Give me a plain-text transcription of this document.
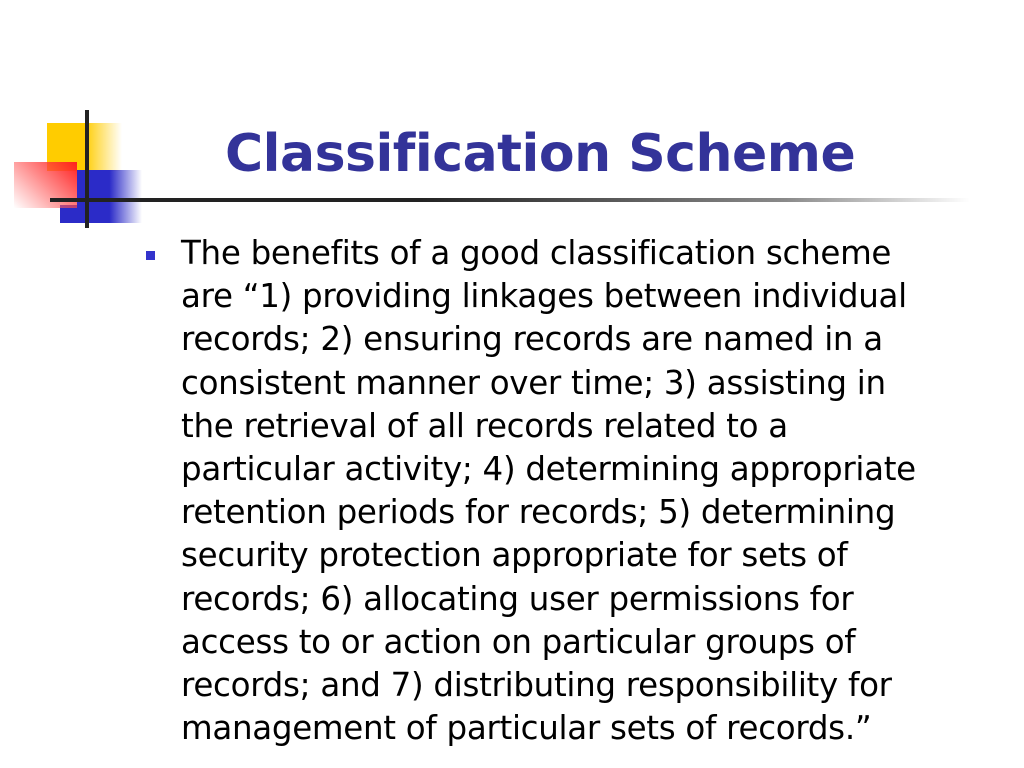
Classification Scheme
The benefits of a good classification scheme
are “1) providing linkages between individual
records; 2) ensuring records are named in a
consistent manner over time; 3) assisting in
the retrieval of all records related to a
particular activity; 4) determining appropriate
retention periods for records; 5) determining
security protection appropriate for sets of
records; 6) allocating user permissions for
access to or action on particular groups of
records; and 7) distributing responsibility for
management of particular sets of records.”
